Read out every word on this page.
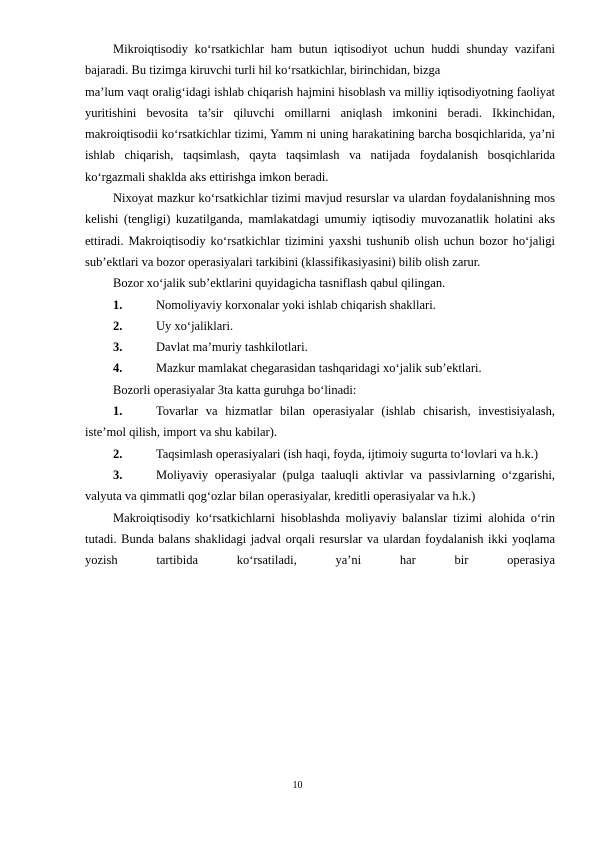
Mikroiqtisodiy ko‘rsatkichlar ham butun iqtisodiyot uchun huddi shunday vazifani bajaradi. Bu tizimga kiruvchi turli hil ko‘rsatkichlar, birinchidan, bizga

ma’lum vaqt oralig‘idagi ishlab chiqarish hajmini hisoblash va milliy iqtisodiyotning faoliyat yuritishini bevosita ta’sir qiluvchi omillarni aniqlash imkonini beradi. Ikkinchidan, makroiqtisodii ko‘rsatkichlar tizimi, Yamm ni uning harakatining barcha bosqichlarida, ya’ni ishlab chiqarish, taqsimlash, qayta taqsimlash va natijada foydalanish bosqichlarida ko‘rgazmali shaklda aks ettirishga imkon beradi.

Nixoyat mazkur ko‘rsatkichlar tizimi mavjud resurslar va ulardan foydalanishning mos kelishi (tengligi) kuzatilganda, mamlakatdagi umumiy iqtisodiy muvozanatlik holatini aks ettiradi. Makroiqtisodiy ko‘rsatkichlar tizimini yaxshi tushunib olish uchun bozor ho‘jaligi sub’ektlari va bozor operasiyalari tarkibini (klassifikasiyasini) bilib olish zarur.

Bozor xo‘jalik sub’ektlarini quyidagicha tasniflash qabul qilingan.

1.	Nomoliyaviy korxonalar yoki ishlab chiqarish shakllari.

2.	Uy xo‘jaliklari.

3.	Davlat ma’muriy tashkilotlari.

4.	Mazkur mamlakat chegarasidan tashqaridagi xo‘jalik sub’ektlari.

Bozorli operasiyalar 3ta katta guruhga bo‘linadi:

1.	Tovarlar va hizmatlar bilan operasiyalar (ishlab chisarish, investisiyalash, iste’mol qilish, import va shu kabilar).

2.	Taqsimlash operasiyalari (ish haqi, foyda, ijtimoiy sugurta to‘lovlari va h.k.)

3.	Moliyaviy operasiyalar (pulga taaluqli aktivlar va passivlarning o‘zgarishi, valyuta va qimmatli qog‘ozlar bilan operasiyalar, kreditli operasiyalar va h.k.)

Makroiqtisodiy ko‘rsatkichlarni hisoblashda moliyaviy balanslar tizimi alohida o‘rin tutadi. Bunda balans shaklidagi jadval orqali resurslar va ulardan foydalanish ikki yoqlama yozish tartibida ko‘rsatiladi, ya’ni har bir operasiya

10
